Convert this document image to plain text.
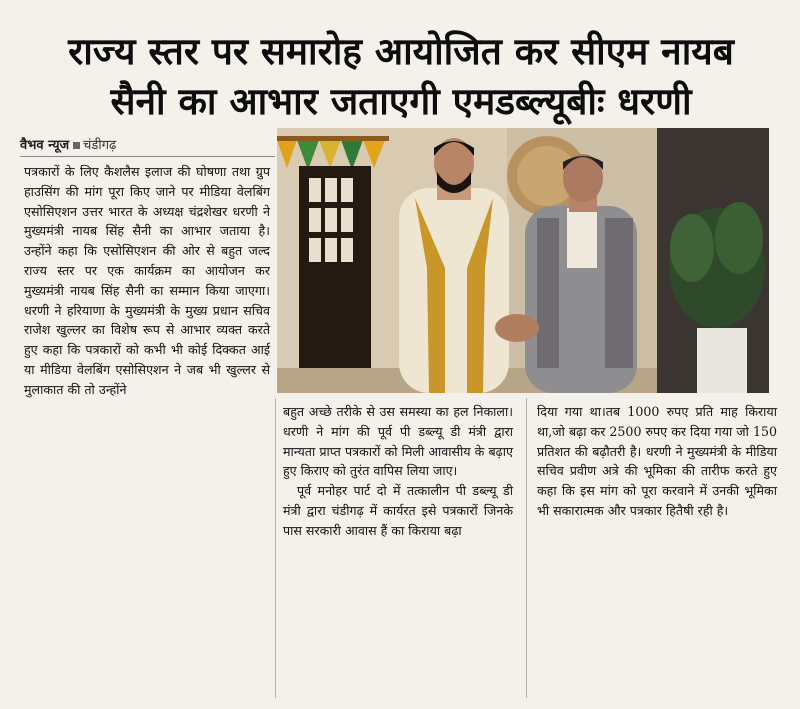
राज्य स्तर पर समारोह आयोजित कर सीएम नायब
सैनी का आभार जताएगी एमडब्ल्यूबीः धरणी
वैभव न्यूज चंडीगढ़

पत्रकारों के लिए कैशलैस इलाज की घोषणा तथा ग्रुप हाउसिंग की मांग पूरा किए जाने पर मीडिया वेलबिंग एसोसिएशन उत्तर भारत के अध्यक्ष चंद्रशेखर धरणी ने मुख्यमंत्री नायब सिंह सैनी का आभार जताया है। उन्होंने कहा कि एसोसिएशन की ओर से बहुत जल्द राज्य स्तर पर एक कार्यक्रम का आयोजन कर मुख्यमंत्री नायब सिंह सैनी का सम्मान किया जाएगा। धरणी ने हरियाणा के मुख्यमंत्री के मुख्य प्रधान सचिव राजेश खुल्लर का विशेष रूप से आभार व्यक्त करते हुए कहा कि पत्रकारों को कभी भी कोई दिक्कत आई या मीडिया वेलबिंग एसोसिएशन ने जब भी खुल्लर से मुलाकात की तो उन्होंने

बहुत अच्छे तरीके से उस समस्या का हल निकाला। धरणी ने मांग की पूर्व पी डब्ल्यू डी मंत्री द्वारा मान्यता प्राप्त पत्रकारों को मिली आवासीय के बढ़ाए हुए किराए को तुरंत वापिस लिया जाए।

पूर्व मनोहर पार्ट दो में तत्कालीन पी डब्ल्यू डी मंत्री द्वारा चंडीगढ़ में कार्यरत इसे पत्रकारों जिनके पास सरकारी आवास हैं का किराया बढ़ा

दिया गया था।तब 1000 रुपए प्रति माह किराया था,जो बढ़ा कर 2500 रुपए कर दिया गया जो 150 प्रतिशत की बढ़ौतरी है। धरणी ने मुख्यमंत्री के मीडिया सचिव प्रवीण अत्रे की भूमिका की तारीफ करते हुए कहा कि इस मांग को पूरा करवाने में उनकी भूमिका भी सकारात्मक और पत्रकार हितैषी रही है।
